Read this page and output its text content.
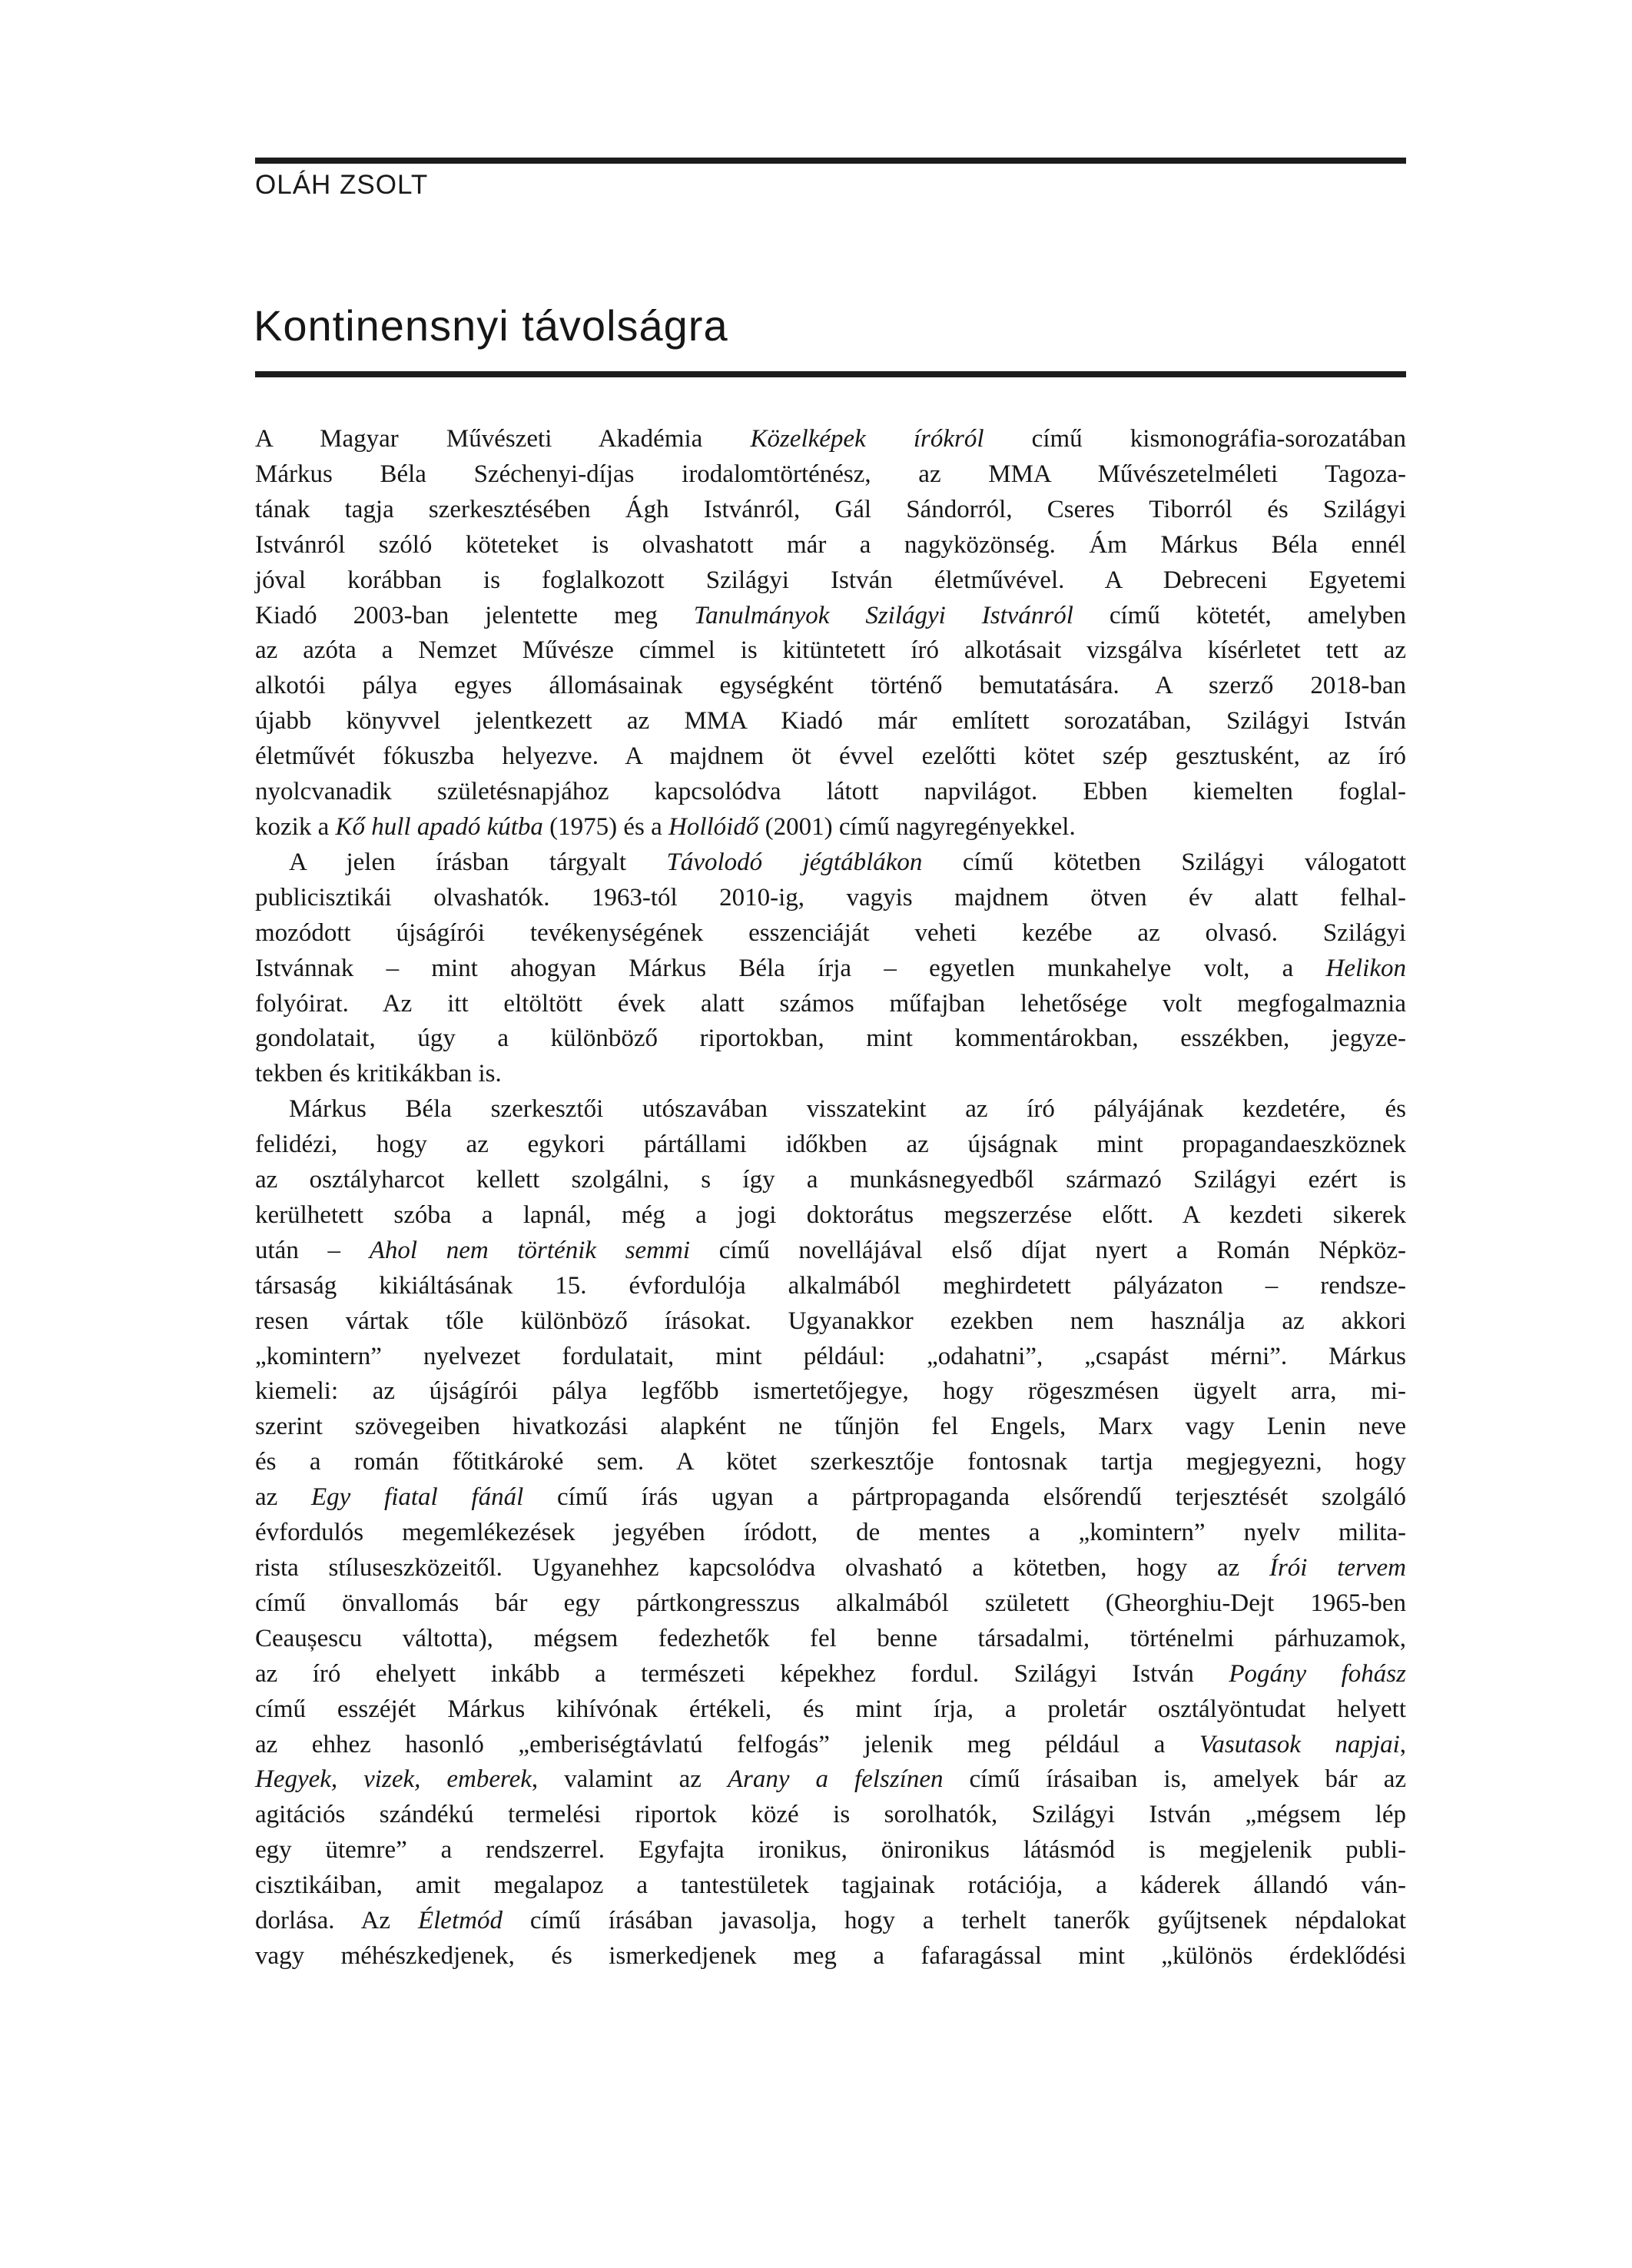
OLÁH ZSOLT
Kontinensnyi távolságra
A Magyar Művészeti Akadémia Közelképek írókról című kismonográfia-sorozatában
Márkus Béla Széchenyi-díjas irodalomtörténész, az MMA Művészetelméleti Tagoza-
tának tagja szerkesztésében Ágh Istvánról, Gál Sándorról, Cseres Tiborról és Szilágyi
Istvánról szóló köteteket is olvashatott már a nagyközönség. Ám Márkus Béla ennél
jóval korábban is foglalkozott Szilágyi István életművével. A Debreceni Egyetemi
Kiadó 2003-ban jelentette meg Tanulmányok Szilágyi Istvánról című kötetét, amelyben
az azóta a Nemzet Művésze címmel is kitüntetett író alkotásait vizsgálva kísérletet tett az
alkotói pálya egyes állomásainak egységként történő bemutatására. A szerző 2018-ban
újabb könyvvel jelentkezett az MMA Kiadó már említett sorozatában, Szilágyi István
életművét fókuszba helyezve. A majdnem öt évvel ezelőtti kötet szép gesztusként, az író
nyolcvanadik születésnapjához kapcsolódva látott napvilágot. Ebben kiemelten foglal-
kozik a Kő hull apadó kútba (1975) és a Hollóidő (2001) című nagyregényekkel.
A jelen írásban tárgyalt Távolodó jégtáblákon című kötetben Szilágyi válogatott
publicisztikái olvashatók. 1963-tól 2010-ig, vagyis majdnem ötven év alatt felhal-
mozódott újságírói tevékenységének esszenciáját veheti kezébe az olvasó. Szilágyi
Istvánnak – mint ahogyan Márkus Béla írja – egyetlen munkahelye volt, a Helikon
folyóirat. Az itt eltöltött évek alatt számos műfajban lehetősége volt megfogalmaznia
gondolatait, úgy a különböző riportokban, mint kommentárokban, esszékben, jegyze-
tekben és kritikákban is.
Márkus Béla szerkesztői utószavában visszatekint az író pályájának kezdetére, és
felidézi, hogy az egykori pártállami időkben az újságnak mint propagandaeszköznek
az osztályharcot kellett szolgálni, s így a munkásnegyedből származó Szilágyi ezért is
kerülhetett szóba a lapnál, még a jogi doktorátus megszerzése előtt. A kezdeti sikerek
után – Ahol nem történik semmi című novellájával első díjat nyert a Román Népköz-
társaság kikiáltásának 15. évfordulója alkalmából meghirdetett pályázaton – rendsze-
resen vártak tőle különböző írásokat. Ugyanakkor ezekben nem használja az akkori
„komintern” nyelvezet fordulatait, mint például: „odahatni”, „csapást mérni”. Márkus
kiemeli: az újságírói pálya legfőbb ismertetőjegye, hogy rögeszmésen ügyelt arra, mi-
szerint szövegeiben hivatkozási alapként ne tűnjön fel Engels, Marx vagy Lenin neve
és a román főtitkároké sem. A kötet szerkesztője fontosnak tartja megjegyezni, hogy
az Egy fiatal fánál című írás ugyan a pártpropaganda elsőrendű terjesztését szolgáló
évfordulós megemlékezések jegyében íródott, de mentes a „komintern” nyelv milita-
rista stíluseszközeitől. Ugyanehhez kapcsolódva olvasható a kötetben, hogy az Írói tervem
című önvallomás bár egy pártkongresszus alkalmából született (Gheorghiu-Dejt 1965-ben
Ceaușescu váltotta), mégsem fedezhetők fel benne társadalmi, történelmi párhuzamok,
az író ehelyett inkább a természeti képekhez fordul. Szilágyi István Pogány fohász
című esszéjét Márkus kihívónak értékeli, és mint írja, a proletár osztályöntudat helyett
az ehhez hasonló „emberiségtávlatú felfogás” jelenik meg például a Vasutasok napjai,
Hegyek, vizek, emberek, valamint az Arany a felszínen című írásaiban is, amelyek bár az
agitációs szándékú termelési riportok közé is sorolhatók, Szilágyi István „mégsem lép
egy ütemre” a rendszerrel. Egyfajta ironikus, önironikus látásmód is megjelenik publi-
cisztikáiban, amit megalapoz a tantestületek tagjainak rotációja, a káderek állandó ván-
dorlása. Az Életmód című írásában javasolja, hogy a terhelt tanerők gyűjtsenek népdalokat
vagy méhészkedjenek, és ismerkedjenek meg a fafaragással mint „különös érdeklődési
